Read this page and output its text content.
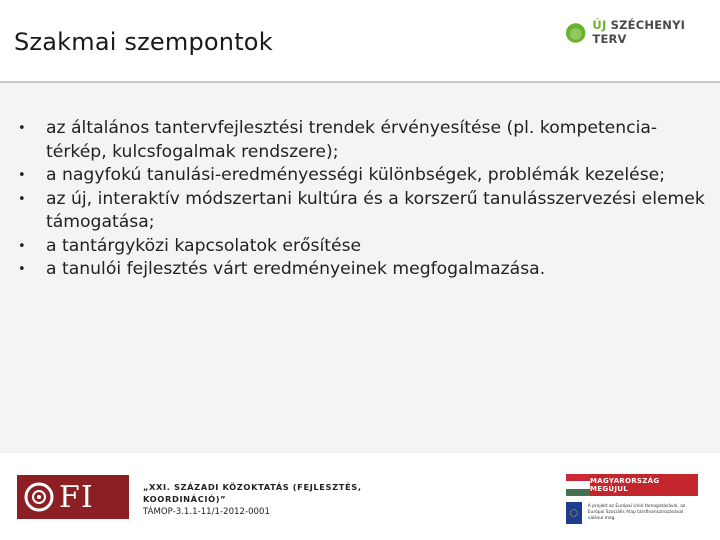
Szakmai szempontok
ÚJ SZÉCHENYI TERV
• az általános tantervfejlesztési trendek érvényesítése (pl. kompetencia-térkép, kulcsfogalmak rendszere);
• a nagyfokú tanulási-eredményességi különbségek, problémák kezelése;
• az új, interaktív módszertani kultúra és a korszerű tanulásszervezési elemek támogatása;
• a tantárgyközi kapcsolatok erősítése
• a tanulói fejlesztés várt eredményeinek megfogalmazása.
FI	„XXI. SZÁZADI KÖZOKTATÁS (FEJLESZTÉS, KOORDINÁCIÓ)”
TÁMOP-3.1.1-11/1-2012-0001
MAGYARORSZÁG MEGÚJUL
A projekt az Európai Unió támogatásával, az Európai Szociális Alap társfinanszírozásával valósul meg.
